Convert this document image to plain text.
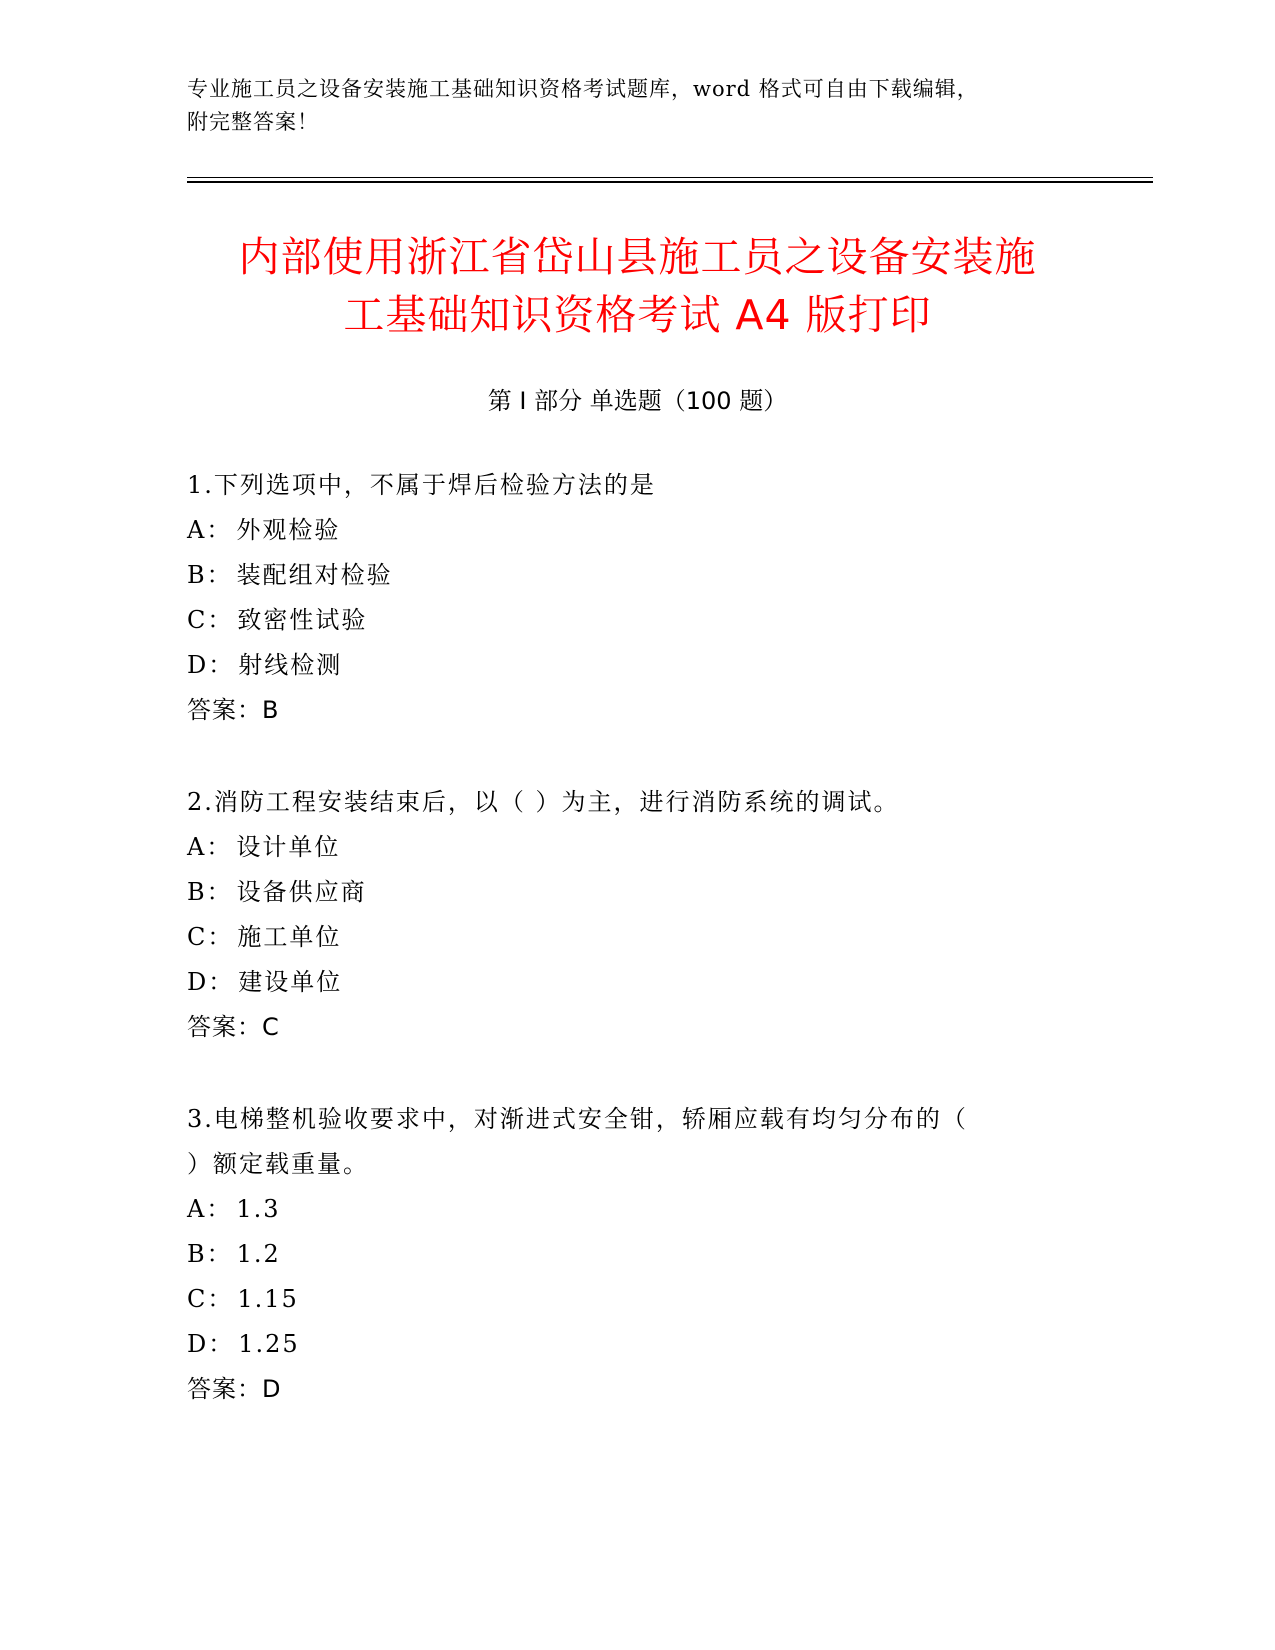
专业施工员之设备安装施工基础知识资格考试题库，word 格式可自由下载编辑，
附完整答案！
内部使用浙江省岱山县施工员之设备安装施
工基础知识资格考试 A4 版打印
第 I 部分 单选题（100 题）
1.下列选项中，不属于焊后检验方法的是
A： 外观检验
B： 装配组对检验
C： 致密性试验
D： 射线检测
答案：B
2.消防工程安装结束后，以（ ）为主，进行消防系统的调试。
A： 设计单位
B： 设备供应商
C： 施工单位
D： 建设单位
答案：C
3.电梯整机验收要求中，对渐进式安全钳，轿厢应载有均匀分布的（
）额定载重量。
A： 1.3
B： 1.2
C： 1.15
D： 1.25
答案：D
